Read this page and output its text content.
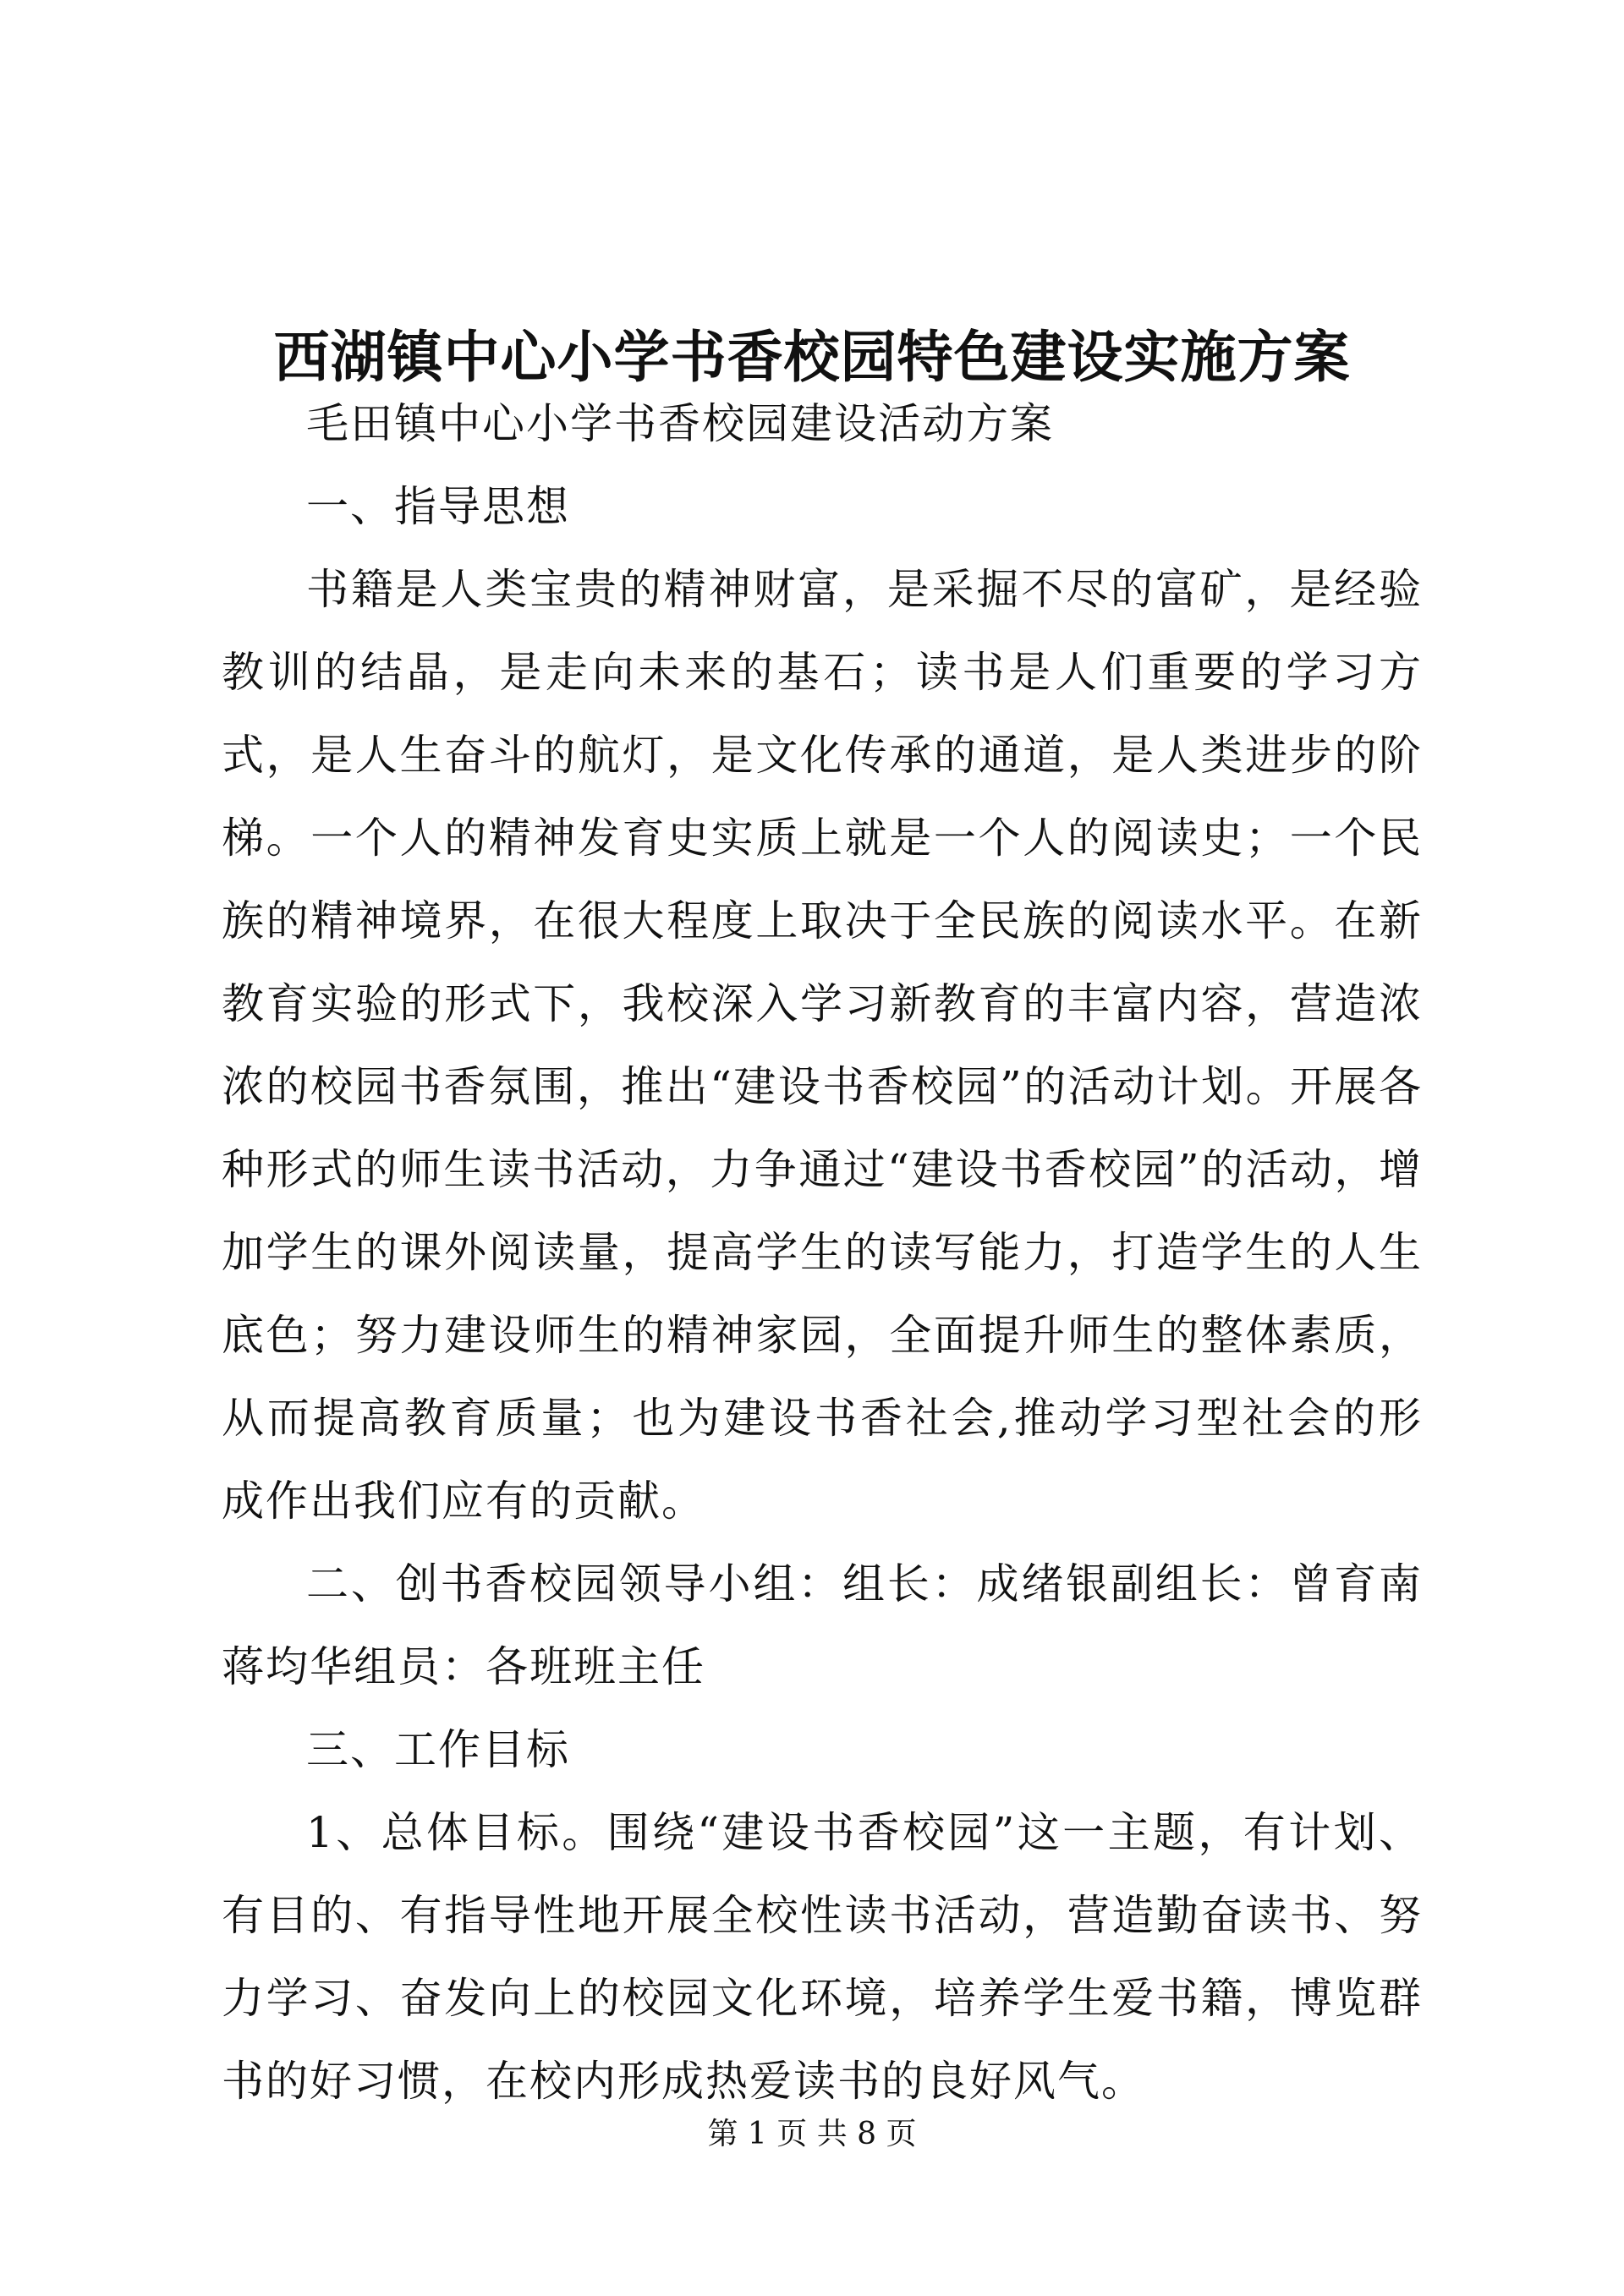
西湖镇中心小学书香校园特色建设实施方案

毛田镇中心小学书香校园建设活动方案

一、指导思想

书籍是人类宝贵的精神财富，是采掘不尽的富矿，是经验教训的结晶，是走向未来的基石；读书是人们重要的学习方式，是人生奋斗的航灯，是文化传承的通道，是人类进步的阶梯。一个人的精神发育史实质上就是一个人的阅读史；一个民族的精神境界，在很大程度上取决于全民族的阅读水平。在新教育实验的形式下，我校深入学习新教育的丰富内容，营造浓浓的校园书香氛围，推出“建设书香校园”的活动计划。开展各种形式的师生读书活动，力争通过“建设书香校园”的活动，增加学生的课外阅读量，提高学生的读写能力，打造学生的人生底色；努力建设师生的精神家园，全面提升师生的整体素质，从而提高教育质量；也为建设书香社会,推动学习型社会的形成作出我们应有的贡献。

二、创书香校园领导小组：组长：成绪银副组长：曾育南蒋均华组员：各班班主任

三、工作目标

1、总体目标。围绕“建设书香校园”这一主题，有计划、有目的、有指导性地开展全校性读书活动，营造勤奋读书、努力学习、奋发向上的校园文化环境，培养学生爱书籍，博览群书的好习惯，在校内形成热爱读书的良好风气。

第 1 页 共 8 页
